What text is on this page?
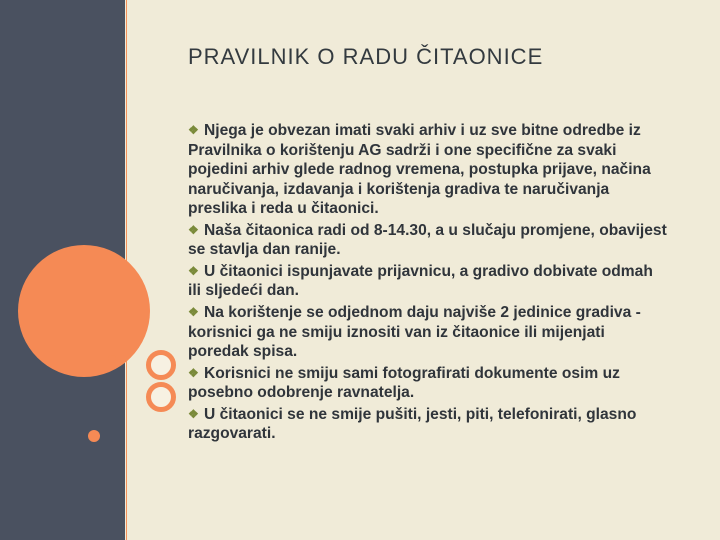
PRAVILNIK O RADU ČITAONICE
❖ Njega je obvezan imati svaki arhiv i uz sve bitne odredbe iz Pravilnika o korištenju AG sadrži i one specifične za svaki pojedini arhiv glede radnog vremena, postupka prijave, načina naručivanja, izdavanja i korištenja gradiva te naručivanja preslika i reda u čitaonici.
❖ Naša čitaonica radi od 8-14.30, a u slučaju promjene, obavijest se stavlja dan ranije.
❖ U čitaonici ispunjavate prijavnicu, a gradivo dobivate odmah ili sljedeći dan.
❖ Na korištenje se odjednom daju najviše 2 jedinice gradiva - korisnici ga ne smiju iznositi van iz čitaonice ili mijenjati poredak spisa.
❖ Korisnici ne smiju sami fotografirati dokumente osim uz posebno odobrenje ravnatelja.
❖ U čitaonici se ne smije pušiti, jesti, piti, telefonirati, glasno razgovarati.
